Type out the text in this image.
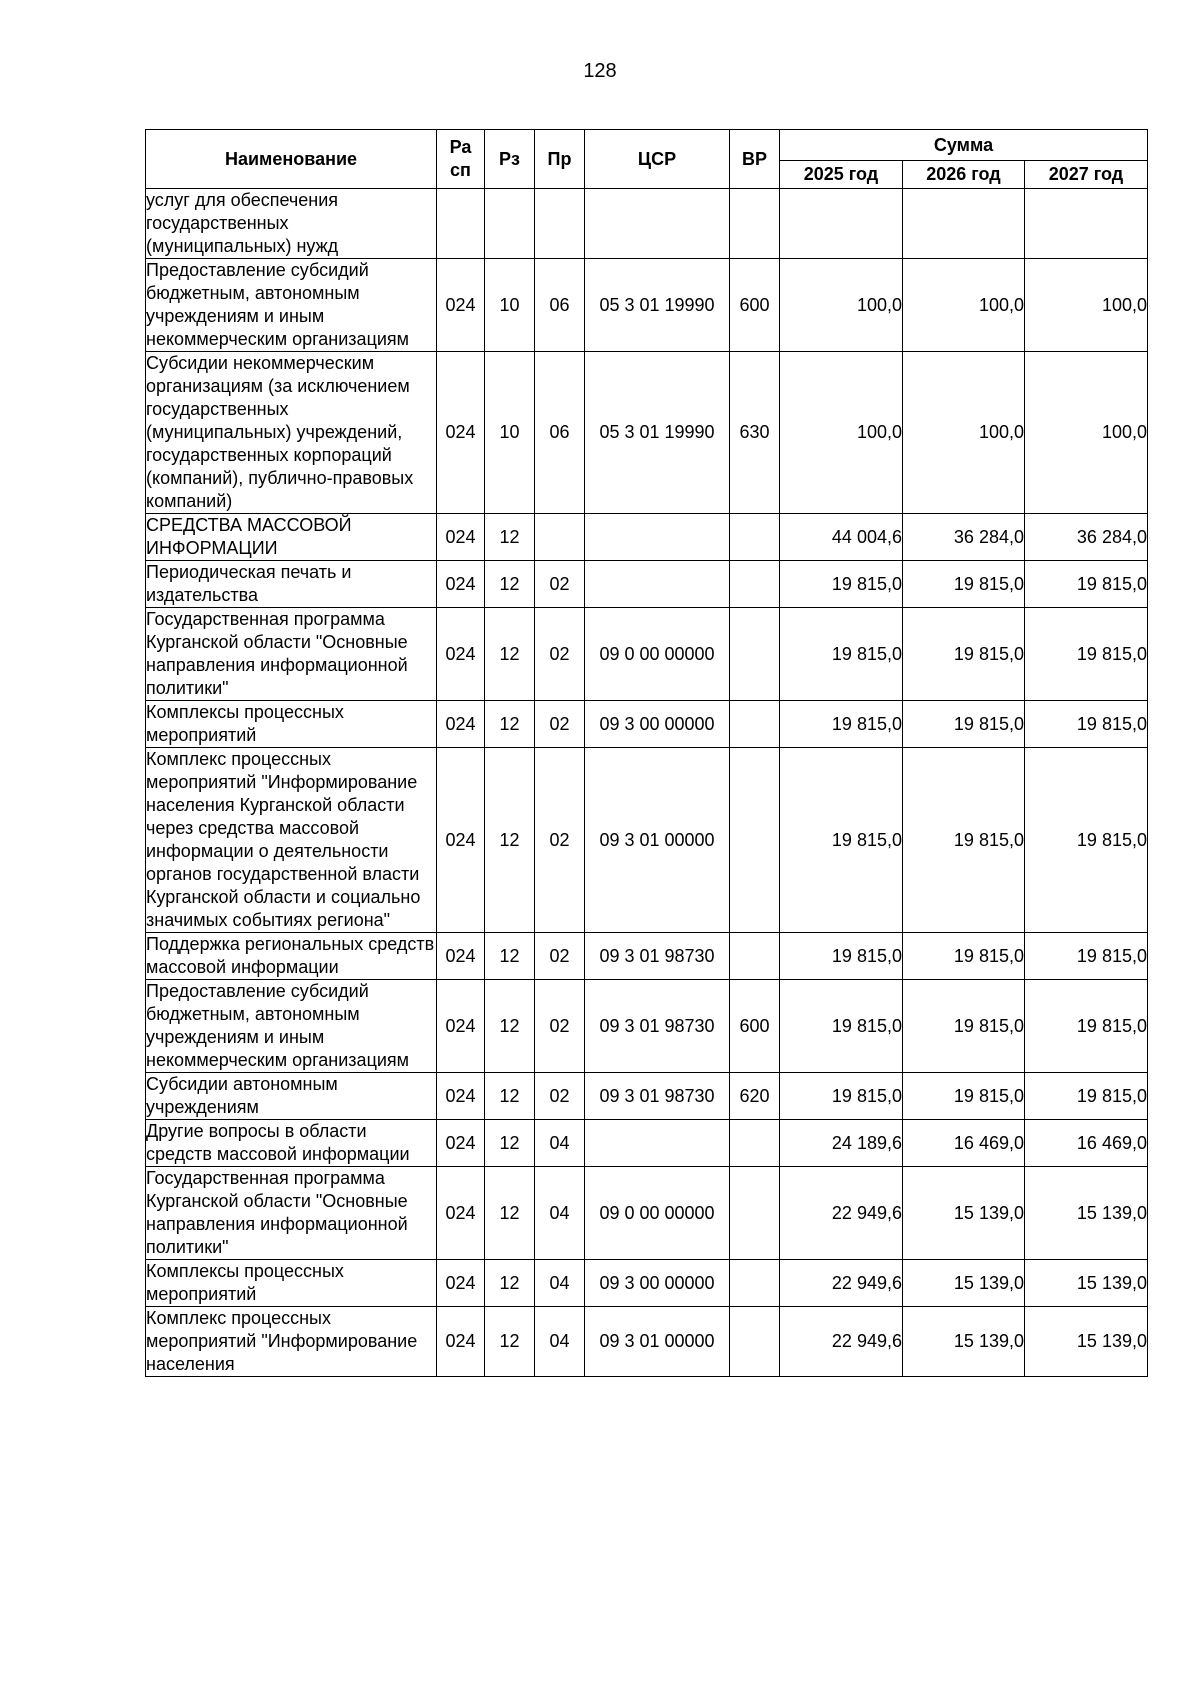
128
Наименование	Ра сп	Рз	Пр	ЦСР	ВР	Сумма		
						2025 год	2026 год	2027 год
услуг для обеспечения государственных (муниципальных) нужд								
Предоставление субсидий бюджетным, автономным учреждениям и иным некоммерческим организациям	024	10	06	05 3 01 19990	600	100,0	100,0	100,0
Субсидии некоммерческим организациям (за исключением государственных (муниципальных) учреждений, государственных корпораций (компаний), публично-правовых компаний)	024	10	06	05 3 01 19990	630	100,0	100,0	100,0
СРЕДСТВА МАССОВОЙ ИНФОРМАЦИИ	024	12				44 004,6	36 284,0	36 284,0
Периодическая печать и издательства	024	12	02			19 815,0	19 815,0	19 815,0
Государственная программа Курганской области "Основные направления информационной политики"	024	12	02	09 0 00 00000		19 815,0	19 815,0	19 815,0
Комплексы процессных мероприятий	024	12	02	09 3 00 00000		19 815,0	19 815,0	19 815,0
Комплекс процессных мероприятий "Информирование населения Курганской области через средства массовой информации о деятельности органов государственной власти Курганской области и социально значимых событиях региона"	024	12	02	09 3 01 00000		19 815,0	19 815,0	19 815,0
Поддержка региональных средств массовой информации	024	12	02	09 3 01 98730		19 815,0	19 815,0	19 815,0
Предоставление субсидий бюджетным, автономным учреждениям и иным некоммерческим организациям	024	12	02	09 3 01 98730	600	19 815,0	19 815,0	19 815,0
Субсидии автономным учреждениям	024	12	02	09 3 01 98730	620	19 815,0	19 815,0	19 815,0
Другие вопросы в области средств массовой информации	024	12	04			24 189,6	16 469,0	16 469,0
Государственная программа Курганской области "Основные направления информационной политики"	024	12	04	09 0 00 00000		22 949,6	15 139,0	15 139,0
Комплексы процессных мероприятий	024	12	04	09 3 00 00000		22 949,6	15 139,0	15 139,0
Комплекс процессных мероприятий "Информирование населения	024	12	04	09 3 01 00000		22 949,6	15 139,0	15 139,0
